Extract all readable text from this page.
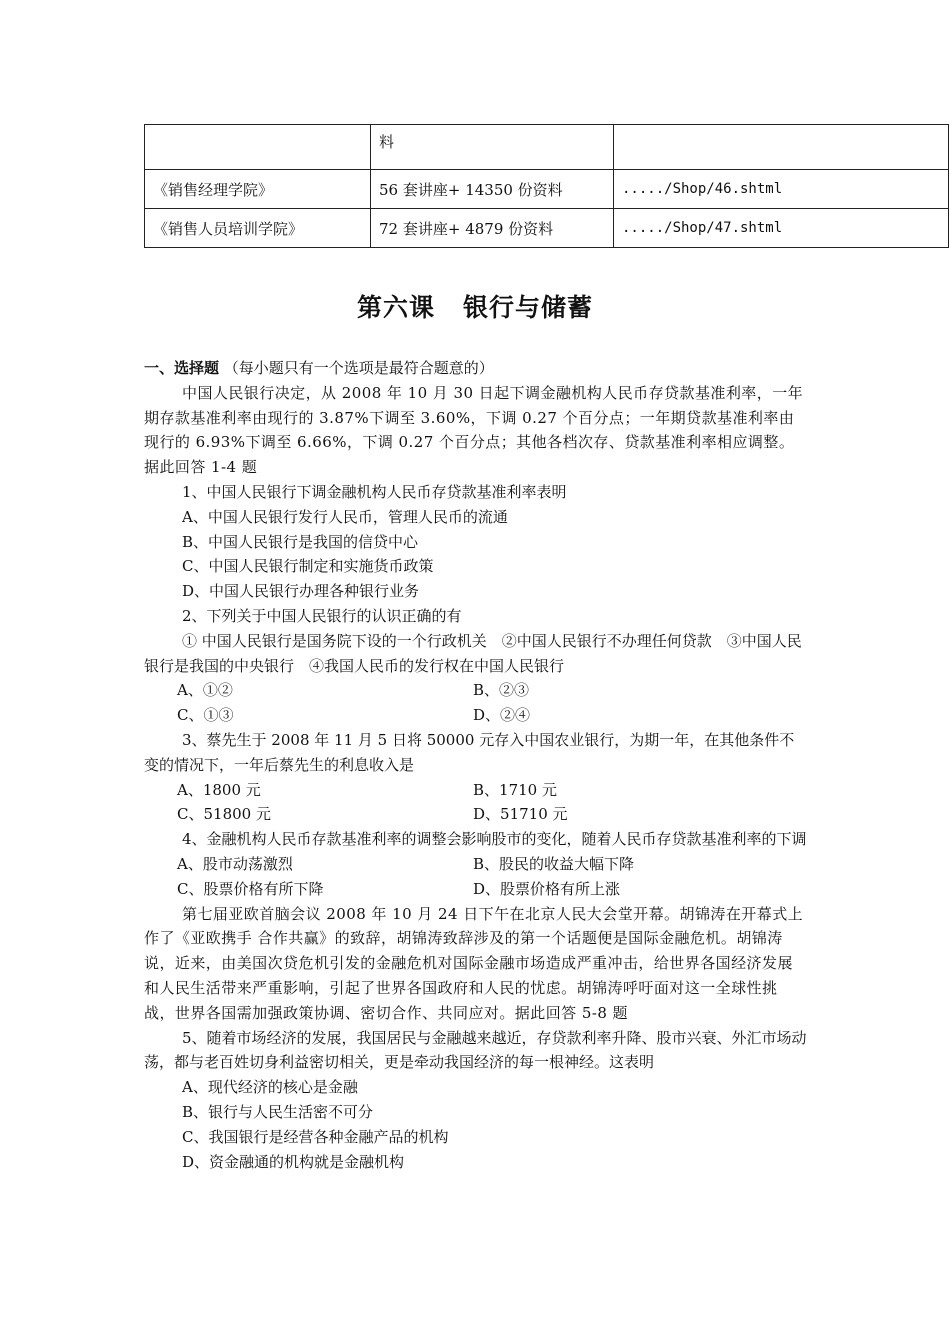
	料	
《销售经理学院》	56 套讲座+ 14350 份资料	...../Shop/46.shtml
《销售人员培训学院》	72 套讲座+ 4879 份资料	...../Shop/47.shtml
第六课 银行与储蓄

一、选择题 （每小题只有一个选项是最符合题意的）

中国人民银行决定，从 2008 年 10 月 30 日起下调金融机构人民币存贷款基准利率，一年期存款基准利率由现行的 3.87%下调至 3.60%，下调 0.27 个百分点；一年期贷款基准利率由现行的 6.93%下调至 6.66%，下调 0.27 个百分点；其他各档次存、贷款基准利率相应调整。据此回答 1-4 题

1、中国人民银行下调金融机构人民币存贷款基准利率表明

A、中国人民银行发行人民币，管理人民币的流通

B、中国人民银行是我国的信贷中心

C、中国人民银行制定和实施货币政策

D、中国人民银行办理各种银行业务

2、下列关于中国人民银行的认识正确的有

① 中国人民银行是国务院下设的一个行政机关　②中国人民银行不办理任何贷款　③中国人民银行是我国的中央银行　④我国人民币的发行权在中国人民银行

A、①②	B、②③

C、①③	D、②④

3、蔡先生于 2008 年 11 月 5 日将 50000 元存入中国农业银行，为期一年，在其他条件不变的情况下，一年后蔡先生的利息收入是

A、1800 元	B、1710 元

C、51800 元	D、51710 元

4、金融机构人民币存款基准利率的调整会影响股市的变化，随着人民币存贷款基准利率的下调

A、股市动荡激烈	B、股民的收益大幅下降

C、股票价格有所下降	D、股票价格有所上涨

第七届亚欧首脑会议 2008 年 10 月 24 日下午在北京人民大会堂开幕。胡锦涛在开幕式上作了《亚欧携手 合作共赢》的致辞，胡锦涛致辞涉及的第一个话题便是国际金融危机。胡锦涛说，近来，由美国次贷危机引发的金融危机对国际金融市场造成严重冲击，给世界各国经济发展和人民生活带来严重影响，引起了世界各国政府和人民的忧虑。胡锦涛呼吁面对这一全球性挑战，世界各国需加强政策协调、密切合作、共同应对。据此回答 5-8 题

5、随着市场经济的发展，我国居民与金融越来越近，存贷款利率升降、股市兴衰、外汇市场动荡，都与老百姓切身利益密切相关，更是牵动我国经济的每一根神经。这表明

A、现代经济的核心是金融

B、银行与人民生活密不可分

C、我国银行是经营各种金融产品的机构

D、资金融通的机构就是金融机构
